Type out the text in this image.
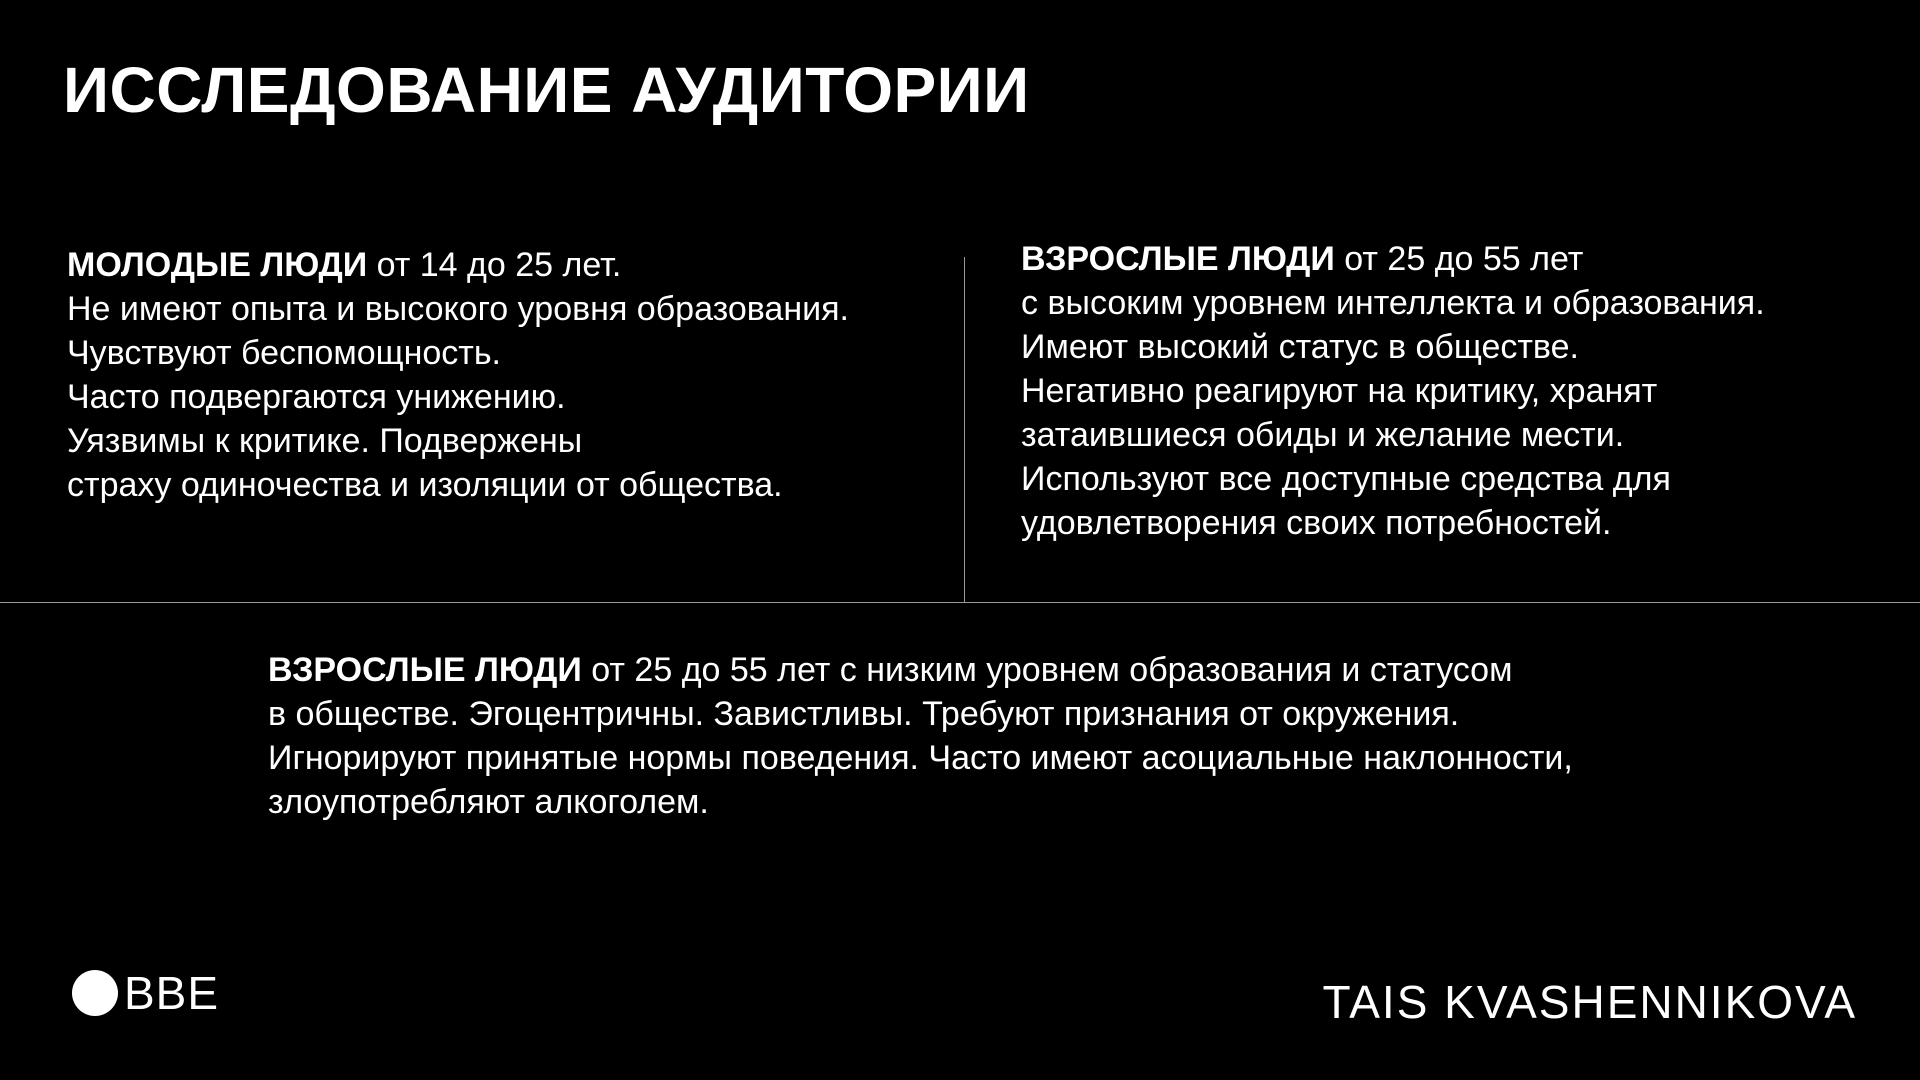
ИССЛЕДОВАНИЕ АУДИТОРИИ
МОЛОДЫЕ ЛЮДИ от 14 до 25 лет.
Не имеют опыта и высокого уровня образования.
Чувствуют беспомощность.
Часто подвергаются унижению.
Уязвимы к критике. Подвержены
страху одиночества и изоляции от общества.
ВЗРОСЛЫЕ ЛЮДИ от 25 до 55 лет
с высоким уровнем интеллекта и образования.
Имеют высокий статус в обществе.
Негативно реагируют на критику, хранят
затаившиеся обиды и желание мести.
Используют все доступные средства для
удовлетворения своих потребностей.
ВЗРОСЛЫЕ ЛЮДИ от 25 до 55 лет с низким уровнем образования и статусом
в обществе. Эгоцентричны. Завистливы. Требуют признания от окружения.
Игнорируют принятые нормы поведения. Часто имеют асоциальные наклонности,
злоупотребляют алкоголем.
BBE	TAIS KVASHENNIKOVA
